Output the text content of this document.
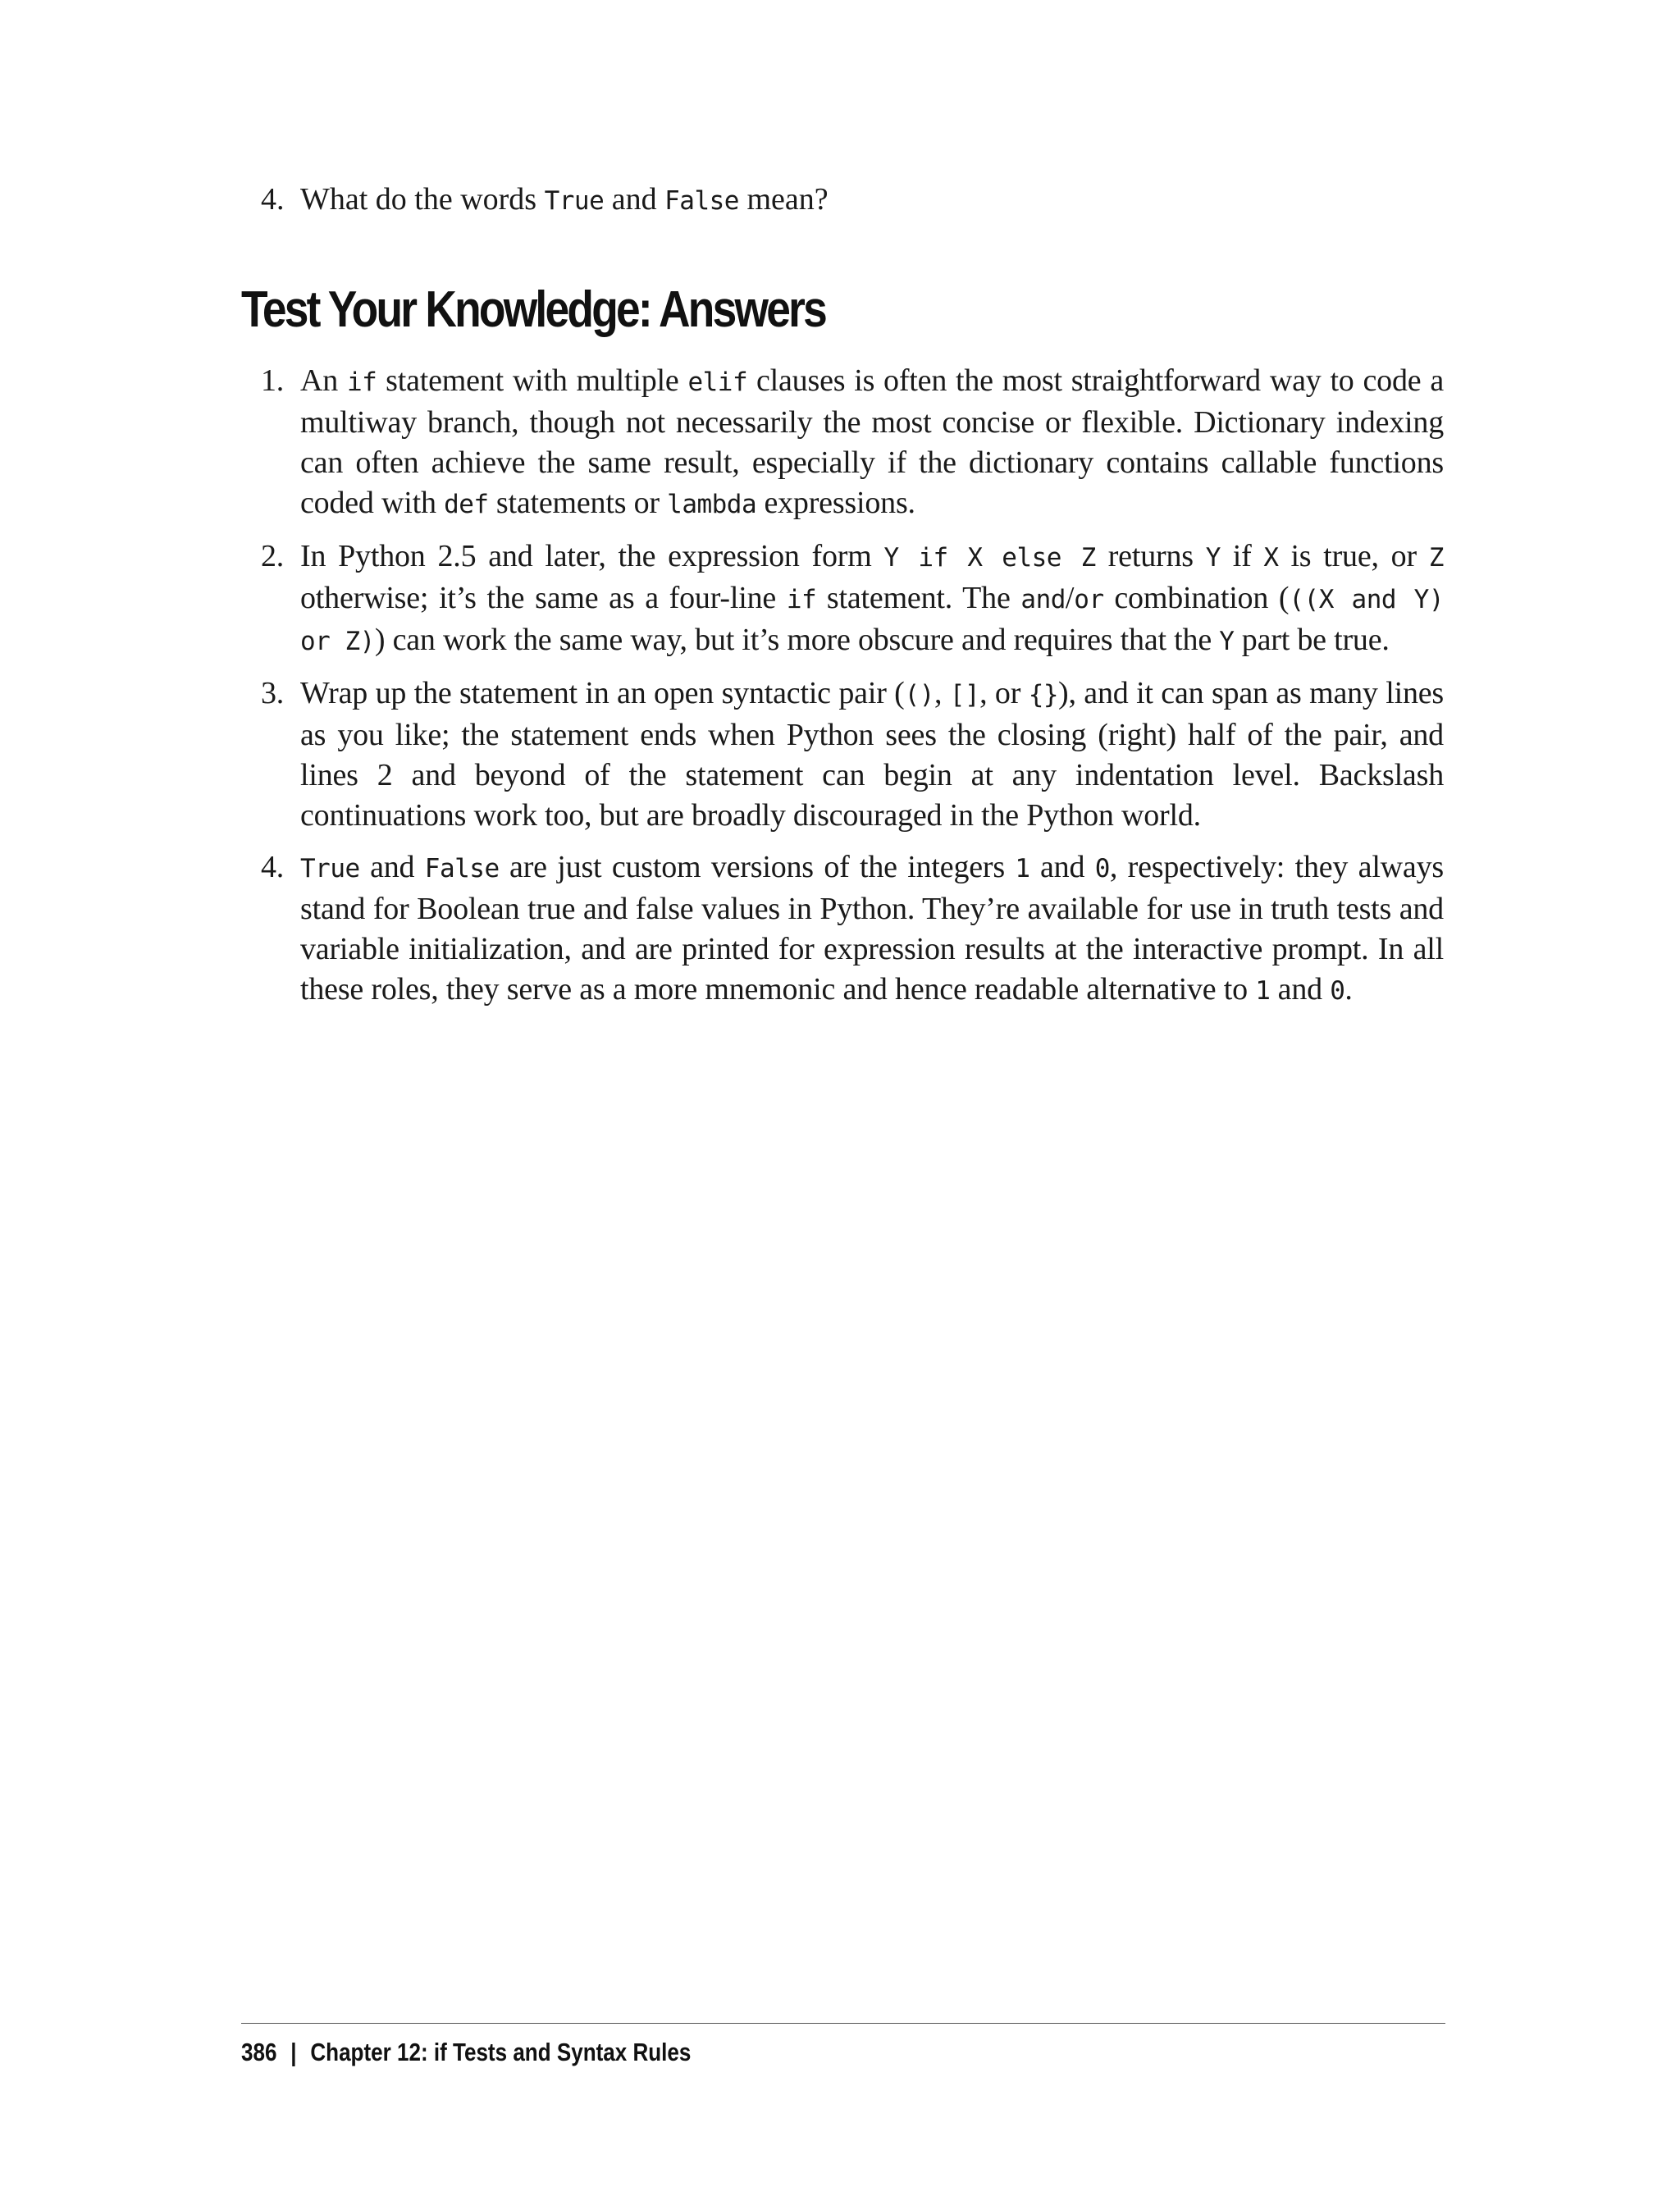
4. What do the words True and False mean?
Test Your Knowledge: Answers
1. An if statement with multiple elif clauses is often the most straightforward way to code a multiway branch, though not necessarily the most concise or flexible. Dictionary indexing can often achieve the same result, especially if the dictionary contains callable functions coded with def statements or lambda expressions.
2. In Python 2.5 and later, the expression form Y if X else Z returns Y if X is true, or Z otherwise; it’s the same as a four-line if statement. The and/or combination (((X and Y) or Z)) can work the same way, but it’s more obscure and requires that the Y part be true.
3. Wrap up the statement in an open syntactic pair ((), [], or {}), and it can span as many lines as you like; the statement ends when Python sees the closing (right) half of the pair, and lines 2 and beyond of the statement can begin at any indentation level. Backslash continuations work too, but are broadly discouraged in the Python world.
4. True and False are just custom versions of the integers 1 and 0, respectively: they always stand for Boolean true and false values in Python. They’re available for use in truth tests and variable initialization, and are printed for expression results at the interactive prompt. In all these roles, they serve as a more mnemonic and hence readable alternative to 1 and 0.
386 | Chapter 12: if Tests and Syntax Rules
